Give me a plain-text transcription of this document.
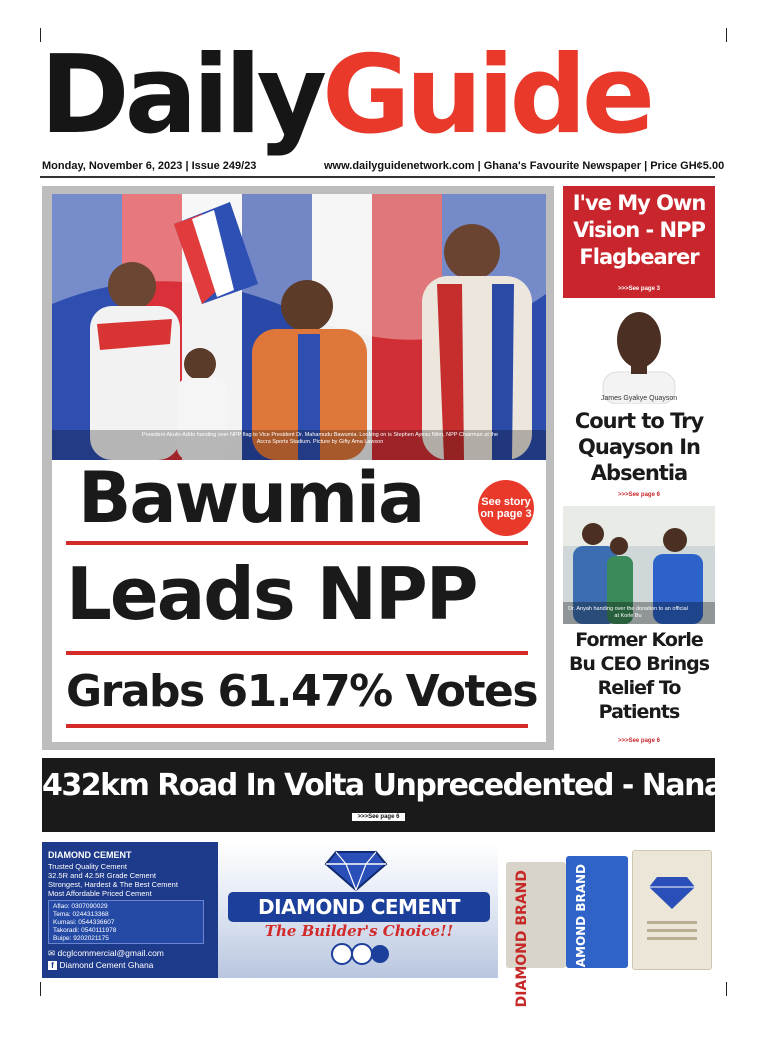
DailyGuide
Monday, November 6, 2023 | Issue 249/23	www.dailyguidenetwork.com | Ghana's Favourite Newspaper | Price GH¢5.00
President Akufo-Addo handing over NPP flag to Vice President Dr. Mahamudu Bawumia. Looking on is Stephen Ayesu Ntim, NPP Chairman at the Accra Sports Stadium. Picture by Gifty Ama Lawson
Bawumia
Leads NPP
Grabs 61.47% Votes
See story on page 3
I've My Own Vision - NPP Flagbearer
>>>See page 3
James Gyakye Quayson
Court to Try Quayson In Absentia
>>>See page 6
Dr. Anyah handing over the donation to an official at Korle Bu
Former Korle Bu CEO Brings Relief To Patients
>>>See page 6
432km Road In Volta Unprecedented - Nana
>>>See page 6
DIAMOND CEMENT
Trusted Quality Cement
32.5R and 42.5R Grade Cement
Strongest, Hardest & The Best Cement
Most Affordable Priced Cement
Aflao: 0307090029
Tema: 0244313368
Kumasi: 0544336607
Takoradi: 0540111978
Buipe: 9202021175
✉ dcglcommercial@gmail.com
f Diamond Cement Ghana
DIAMOND CEMENT
The Builder's Choice!!	DIAMOND BRAND	SAVANNA DIAMOND BRAND
